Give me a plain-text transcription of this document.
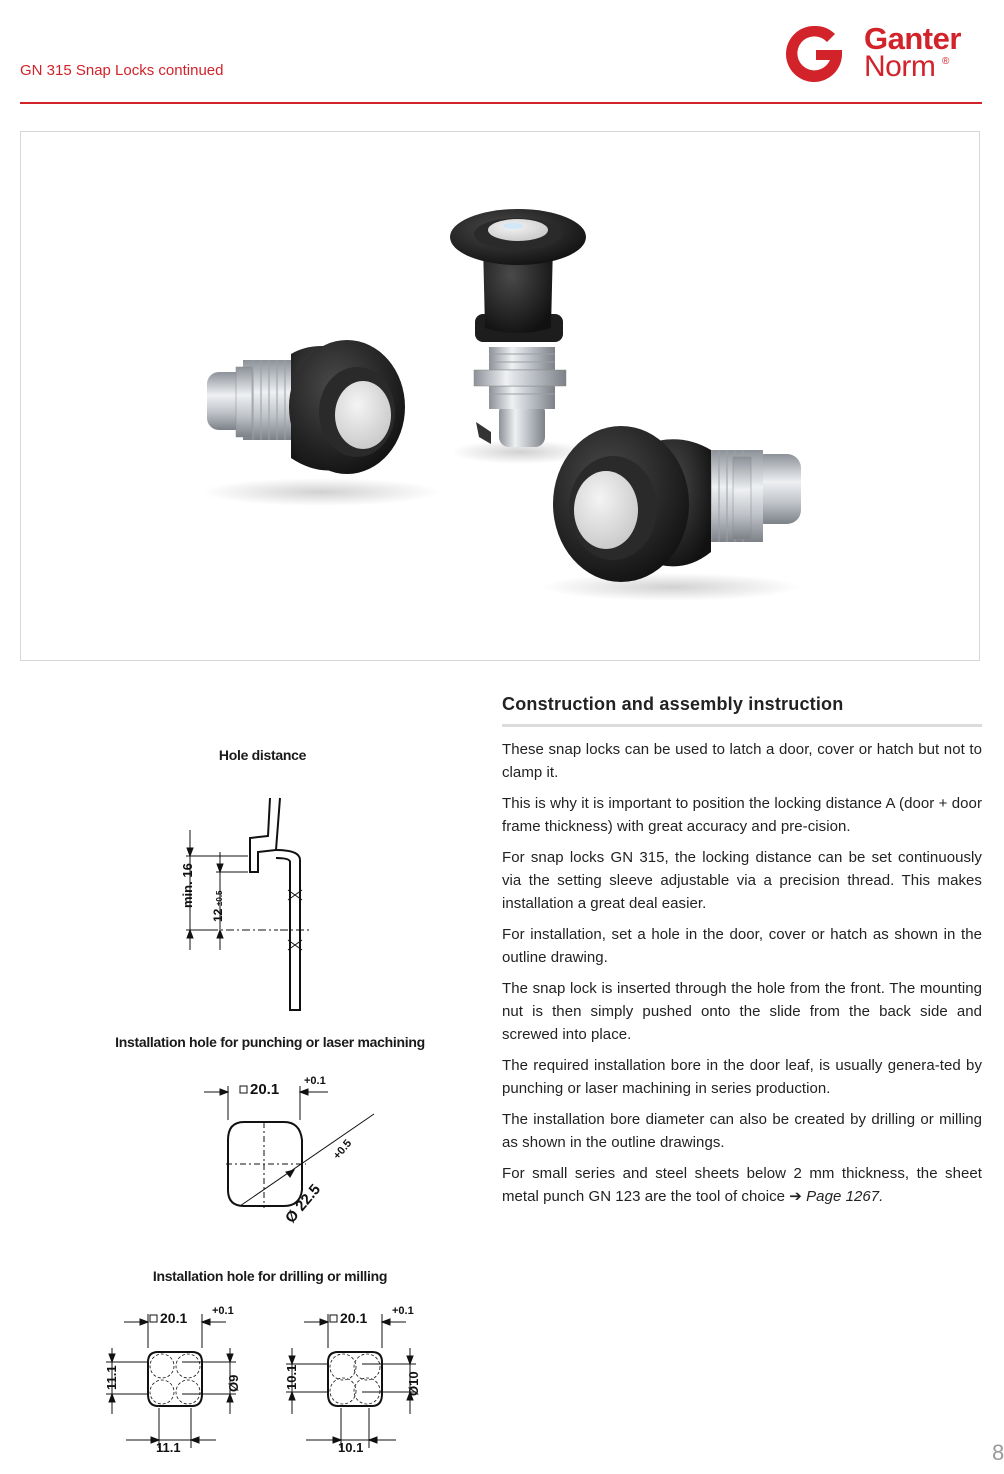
GN 315 Snap Locks continued
Ganter
Norm ®
Construction and assembly instruction

These snap locks can be used to latch a door, cover or hatch but not to clamp it.

This is why it is important to position the locking distance A (door + door frame thickness) with great accuracy and pre-cision.

For snap locks GN 315, the locking distance can be set continuously via the setting sleeve adjustable via a precision thread. This makes installation a great deal easier.

For installation, set a hole in the door, cover or hatch as shown in the outline drawing.

The snap lock is inserted through the hole from the front. The mounting nut is then simply pushed onto the slide from the back side and screwed into place.

The required installation bore in the door leaf, is usually genera-ted by punching or laser machining in series production.

The installation bore diameter can also be created by drilling or milling as shown in the outline drawings.

For small series and steel sheets below 2 mm thickness, the sheet metal punch GN 123 are the tool of choice ➔ Page 1267.

Hole distance
min. 16
12
±0.5
Installation hole for punching or laser machining
20.1 +0.1
Ø 22.5
+0.5
Installation hole for drilling or milling
20.1 +0.1
11.1
11.1
Ø9
20.1 +0.1
10.1
10.1
Ø10
8
